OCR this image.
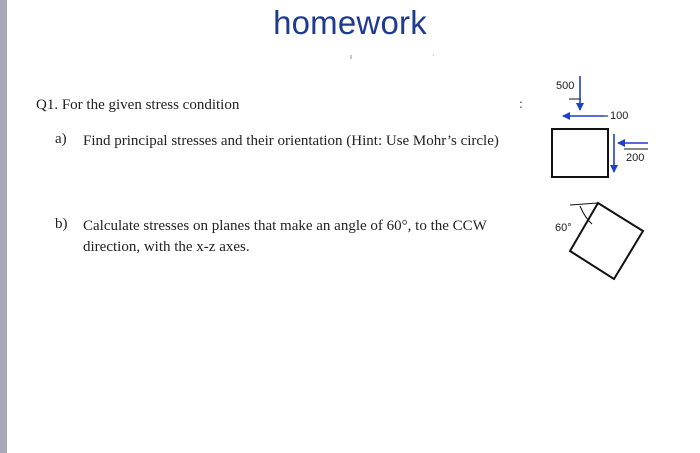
homework
ı	·
Q1. For the given stress condition	:
a) Find principal stresses and their orientation (Hint: Use Mohr’s circle)
b) Calculate stresses on planes that make an angle of 60°, to the CCW
direction, with the x-z axes.
500
100
200
60°
